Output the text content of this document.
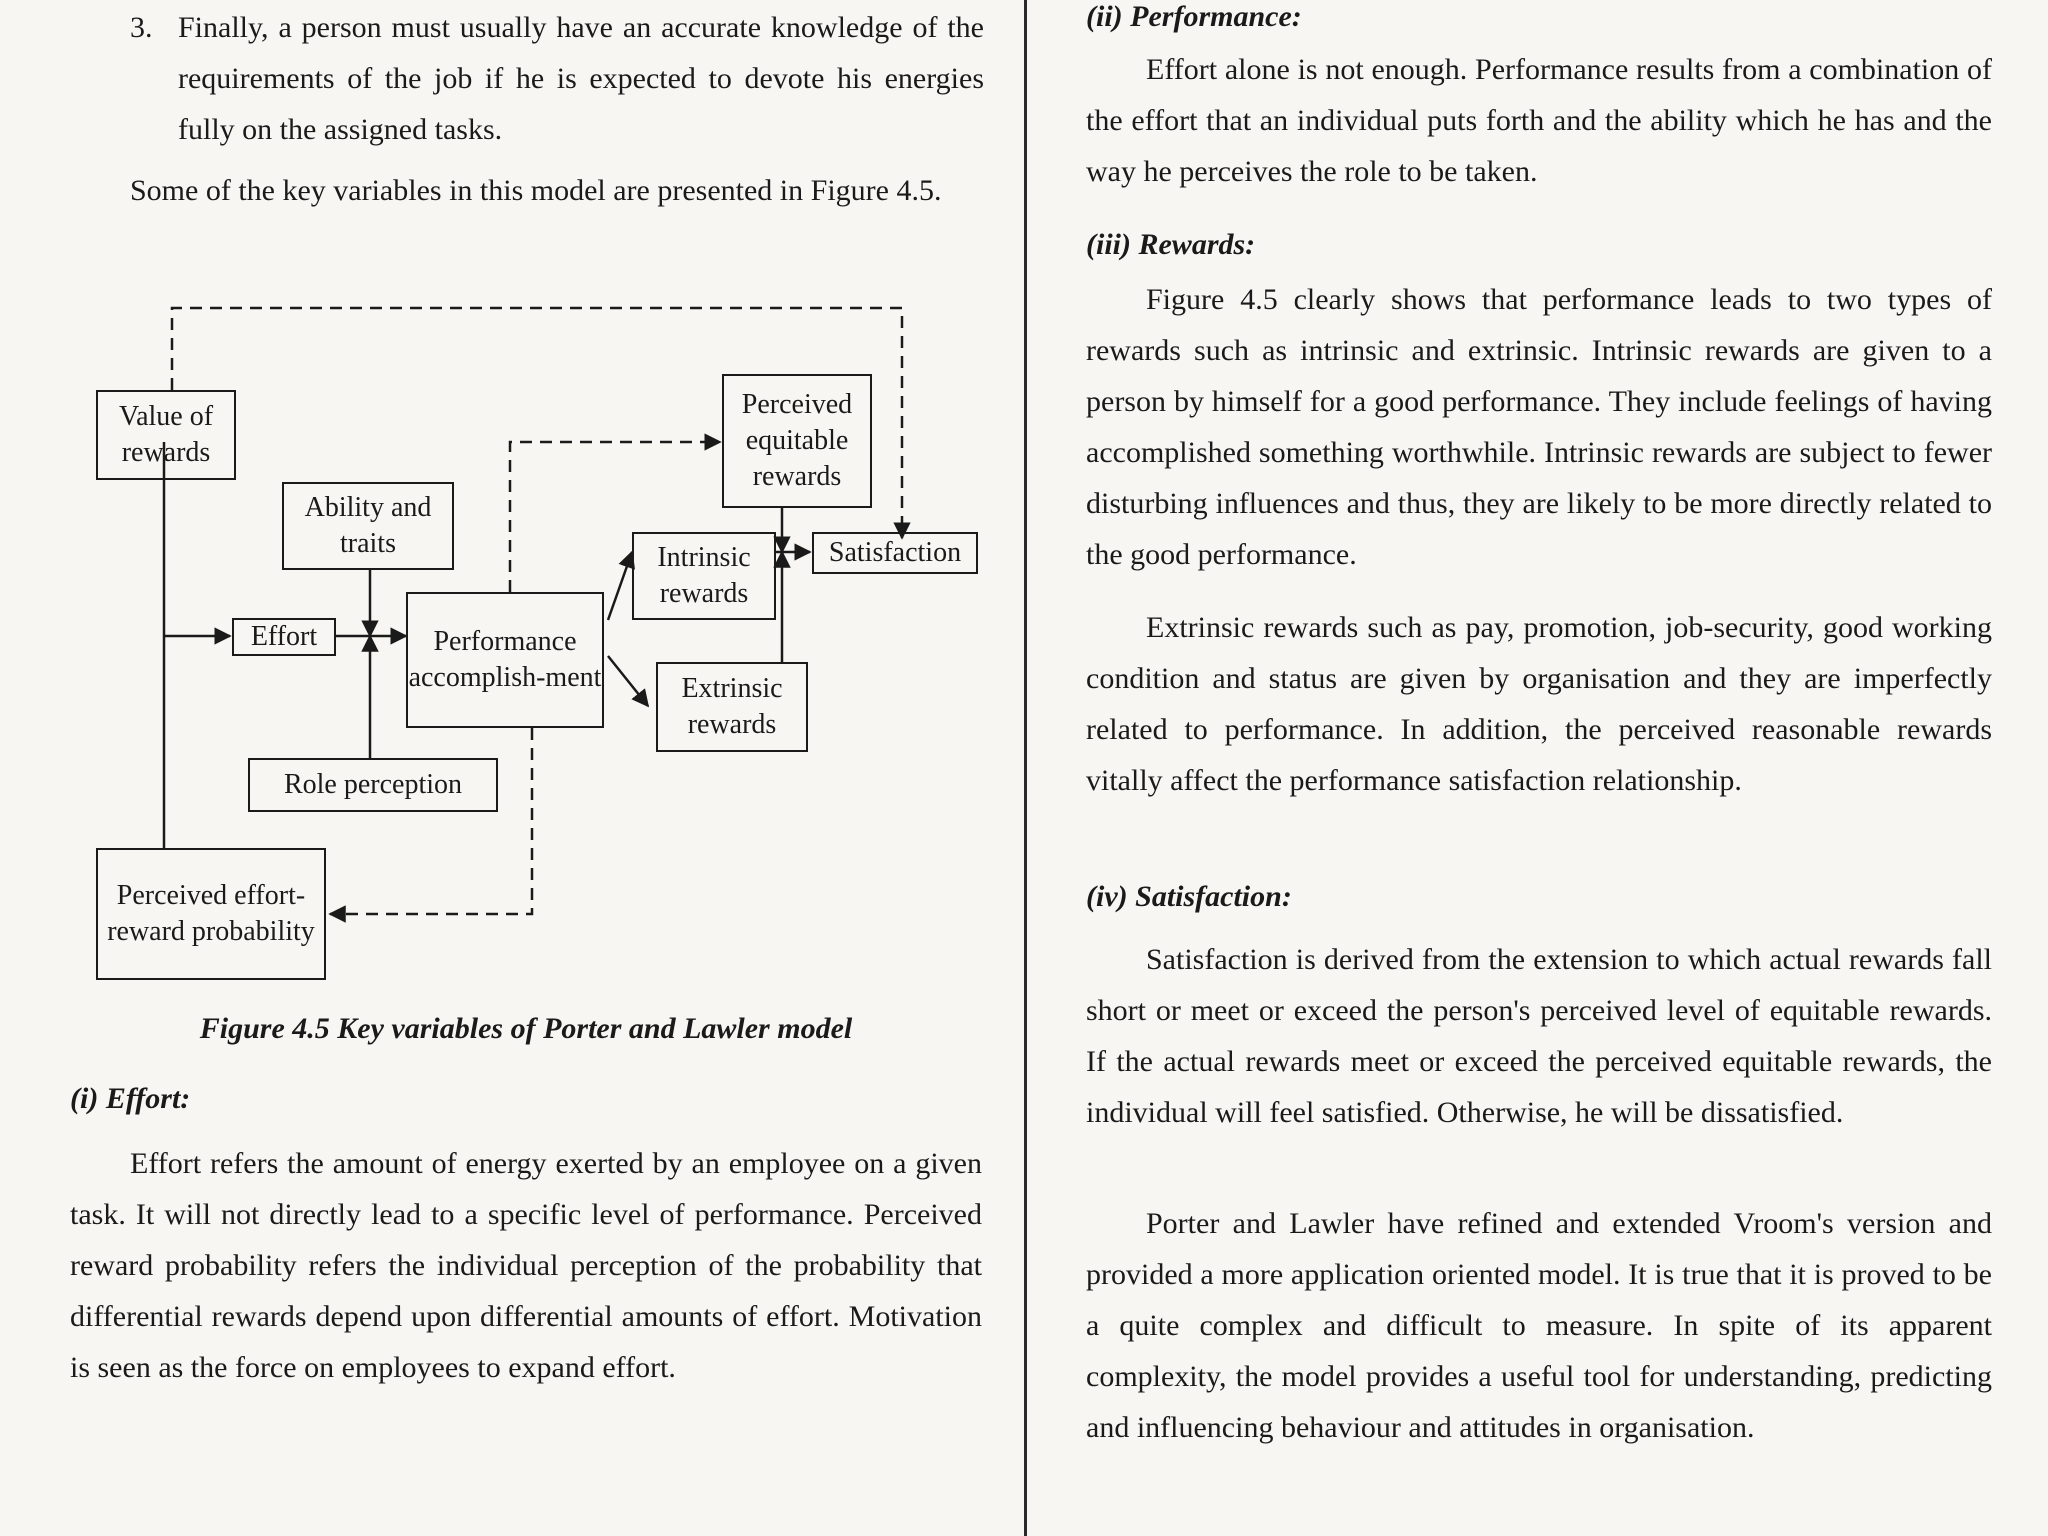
3. Finally, a person must usually have an accurate knowledge of the requirements of the job if he is expected to devote his energies fully on the assigned tasks.

Some of the key variables in this model are presented in Figure 4.5.

Value of rewards
Ability and traits
Effort	Performance accomplish-ment
Role perception
Perceived effort-reward probability
Perceived equitable rewards
Intrinsic rewards
Extrinsic rewards
Satisfaction

Figure 4.5 Key variables of Porter and Lawler model

(i) Effort:

Effort refers the amount of energy exerted by an employee on a given task. It will not directly lead to a specific level of performance. Perceived reward probability refers the individual perception of the probability that differential rewards depend upon differential amounts of effort. Motivation is seen as the force on employees to expand effort.

(ii) Performance:

Effort alone is not enough. Performance results from a combination of the effort that an individual puts forth and the ability which he has and the way he perceives the role to be taken.

(iii) Rewards:

Figure 4.5 clearly shows that performance leads to two types of rewards such as intrinsic and extrinsic. Intrinsic rewards are given to a person by himself for a good performance. They include feelings of having accomplished something worthwhile. Intrinsic rewards are subject to fewer disturbing influences and thus, they are likely to be more directly related to the good performance.

Extrinsic rewards such as pay, promotion, job-security, good working condition and status are given by organisation and they are imperfectly related to performance. In addition, the perceived reasonable rewards vitally affect the performance satisfaction relationship.

(iv) Satisfaction:

Satisfaction is derived from the extension to which actual rewards fall short or meet or exceed the person's perceived level of equitable rewards. If the actual rewards meet or exceed the perceived equitable rewards, the individual will feel satisfied. Otherwise, he will be dissatisfied.

Porter and Lawler have refined and extended Vroom's version and provided a more application oriented model. It is true that it is proved to be a quite complex and difficult to measure. In spite of its apparent complexity, the model provides a useful tool for understanding, predicting and influencing behaviour and attitudes in organisation.
